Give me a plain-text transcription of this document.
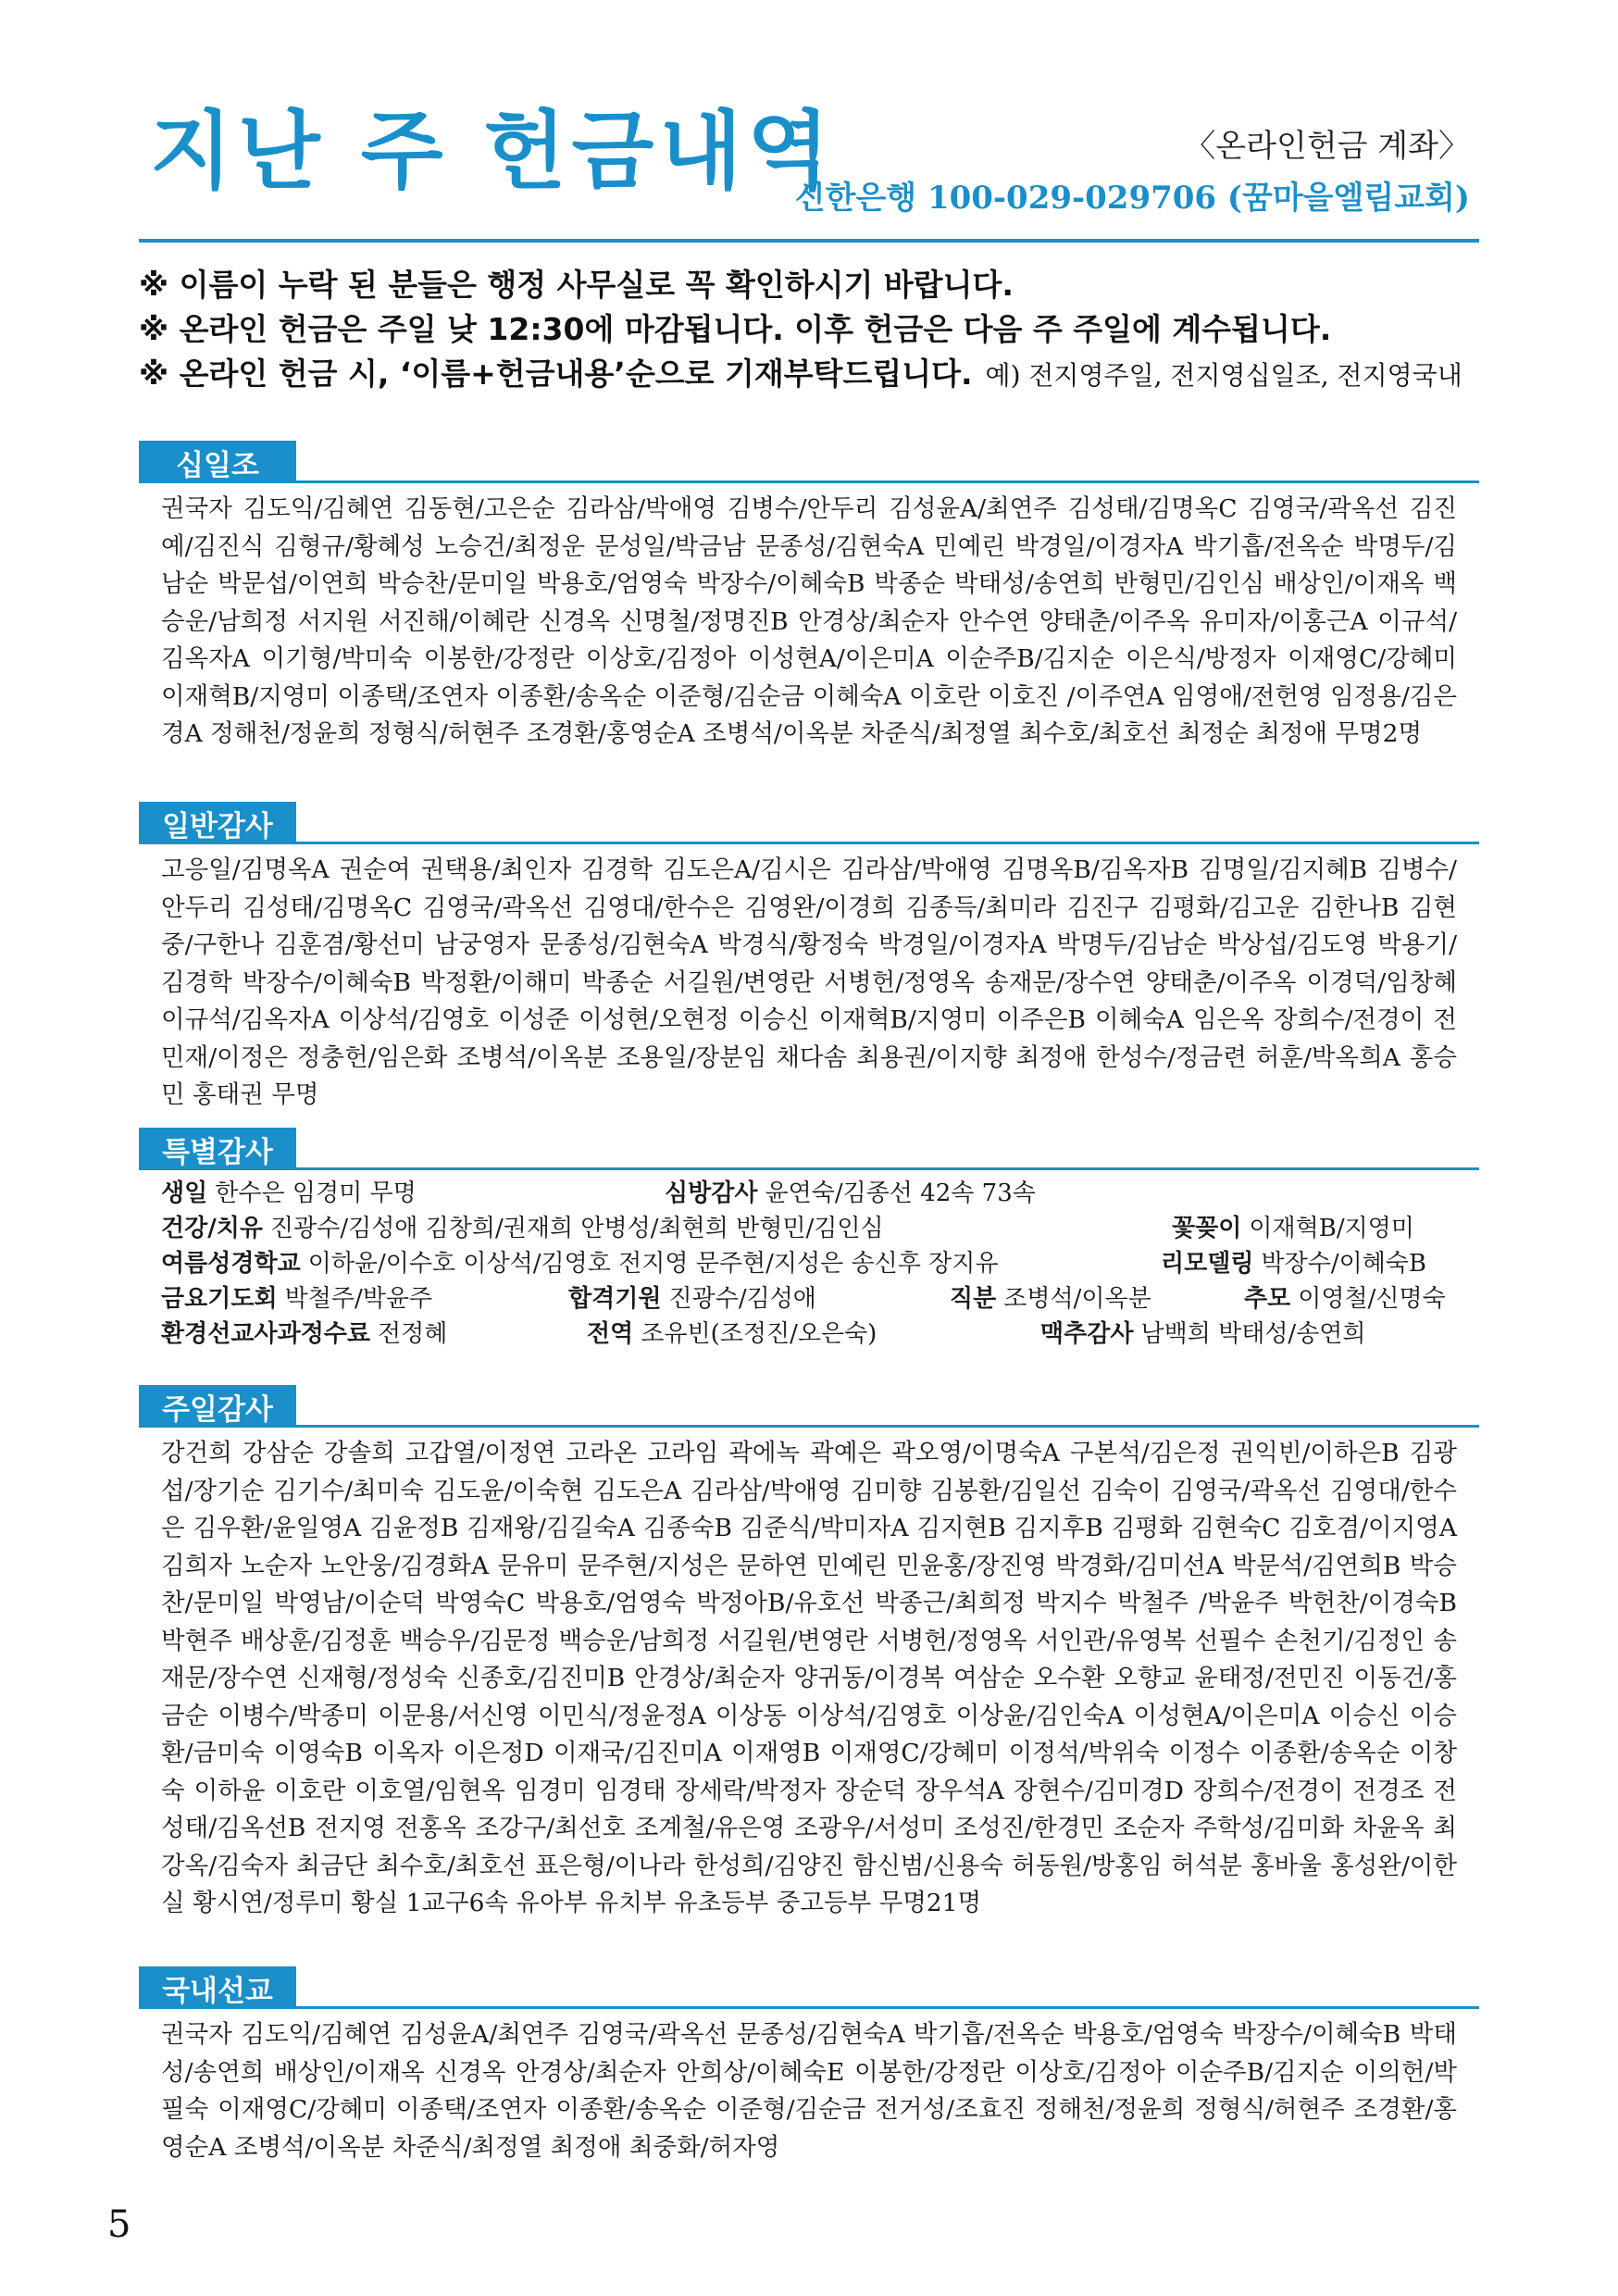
지난 주 헌금내역	〈온라인헌금 계좌〉
신한은행 100-029-029706 (꿈마을엘림교회)
※ 이름이 누락 된 분들은 행정 사무실로 꼭 확인하시기 바랍니다.
※ 온라인 헌금은 주일 낮 12:30에 마감됩니다. 이후 헌금은 다음 주 주일에 계수됩니다.
※ 온라인 헌금 시, ‘이름+헌금내용’순으로 기재부탁드립니다. 예) 전지영주일, 전지영십일조, 전지영국내
십일조
권국자 김도익/김혜연 김동현/고은순 김라삼/박애영 김병수/안두리 김성윤A/최연주 김성태/김명옥C 김영국/곽옥선 김진예/김진식 김형규/황혜성 노승건/최정운 문성일/박금남 문종성/김현숙A 민예린 박경일/이경자A 박기흡/전옥순 박명두/김남순 박문섭/이연희 박승찬/문미일 박용호/엄영숙 박장수/이혜숙B 박종순 박태성/송연희 반형민/김인심 배상인/이재옥 백승운/남희정 서지원 서진해/이혜란 신경옥 신명철/정명진B 안경상/최순자 안수연 양태춘/이주옥 유미자/이홍근A 이규석/김옥자A 이기형/박미숙 이봉한/강정란 이상호/김정아 이성현A/이은미A 이순주B/김지순 이은식/방정자 이재영C/강혜미 이재혁B/지영미 이종택/조연자 이종환/송옥순 이준형/김순금 이혜숙A 이호란 이호진 /이주연A 임영애/전헌영 임정용/김은경A 정해천/정윤희 정형식/허현주 조경환/홍영순A 조병석/이옥분 차준식/최정열 최수호/최호선 최정순 최정애 무명2명
일반감사
고응일/김명옥A 권순여 권택용/최인자 김경학 김도은A/김시은 김라삼/박애영 김명옥B/김옥자B 김명일/김지혜B 김병수/안두리 김성태/김명옥C 김영국/곽옥선 김영대/한수은 김영완/이경희 김종득/최미라 김진구 김평화/김고운 김한나B 김현중/구한나 김훈겸/황선미 남궁영자 문종성/김현숙A 박경식/황정숙 박경일/이경자A 박명두/김남순 박상섭/김도영 박용기/김경학 박장수/이혜숙B 박정환/이해미 박종순 서길원/변영란 서병헌/정영옥 송재문/장수연 양태춘/이주옥 이경덕/임창혜 이규석/김옥자A 이상석/김영호 이성준 이성현/오현정 이승신 이재혁B/지영미 이주은B 이혜숙A 임은옥 장희수/전경이 전민재/이정은 정충헌/임은화 조병석/이옥분 조용일/장분임 채다솜 최용권/이지향 최정애 한성수/정금련 허훈/박옥희A 홍승민 홍태권 무명
특별감사
생일 한수은 임경미 무명	심방감사 윤연숙/김종선 42속 73속
건강/치유 진광수/김성애 김창희/권재희 안병성/최현희 반형민/김인심	꽃꽂이 이재혁B/지영미
여름성경학교 이하윤/이수호 이상석/김영호 전지영 문주현/지성은 송신후 장지유	리모델링 박장수/이혜숙B
금요기도회 박철주/박윤주	합격기원 진광수/김성애	직분 조병석/이옥분	추모 이영철/신명숙
환경선교사과정수료 전정혜	전역 조유빈(조정진/오은숙)	맥추감사 남백희 박태성/송연희
주일감사
강건희 강삼순 강솔희 고갑열/이정연 고라온 고라임 곽에녹 곽예은 곽오영/이명숙A 구본석/김은정 권익빈/이하은B 김광섭/장기순 김기수/최미숙 김도윤/이숙현 김도은A 김라삼/박애영 김미향 김봉환/김일선 김숙이 김영국/곽옥선 김영대/한수은 김우환/윤일영A 김윤정B 김재왕/김길숙A 김종숙B 김준식/박미자A 김지현B 김지후B 김평화 김현숙C 김호겸/이지영A 김희자 노순자 노안웅/김경화A 문유미 문주현/지성은 문하연 민예린 민윤홍/장진영 박경화/김미선A 박문석/김연희B 박승찬/문미일 박영남/이순덕 박영숙C 박용호/엄영숙 박정아B/유호선 박종근/최희정 박지수 박철주 /박윤주 박헌찬/이경숙B 박현주 배상훈/김정훈 백승우/김문정 백승운/남희정 서길원/변영란 서병헌/정영옥 서인관/유영복 선필수 손천기/김정인 송재문/장수연 신재형/정성숙 신종호/김진미B 안경상/최순자 양귀동/이경복 여삼순 오수환 오향교 윤태정/전민진 이동건/홍금순 이병수/박종미 이문용/서신영 이민식/정윤정A 이상동 이상석/김영호 이상윤/김인숙A 이성현A/이은미A 이승신 이승환/금미숙 이영숙B 이옥자 이은정D 이재국/김진미A 이재영B 이재영C/강혜미 이정석/박위숙 이정수 이종환/송옥순 이창숙 이하윤 이호란 이호열/임현옥 임경미 임경태 장세락/박정자 장순덕 장우석A 장현수/김미경D 장희수/전경이 전경조 전성태/김옥선B 전지영 전홍옥 조강구/최선호 조계철/유은영 조광우/서성미 조성진/한경민 조순자 주학성/김미화 차윤옥 최강옥/김숙자 최금단 최수호/최호선 표은형/이나라 한성희/김양진 함신범/신용숙 허동원/방홍임 허석분 홍바울 홍성완/이한실 황시연/정루미 황실 1교구6속 유아부 유치부 유초등부 중고등부 무명21명
국내선교
권국자 김도익/김혜연 김성윤A/최연주 김영국/곽옥선 문종성/김현숙A 박기흡/전옥순 박용호/엄영숙 박장수/이혜숙B 박태성/송연희 배상인/이재옥 신경옥 안경상/최순자 안희상/이혜숙E 이봉한/강정란 이상호/김정아 이순주B/김지순 이의헌/박필숙 이재영C/강혜미 이종택/조연자 이종환/송옥순 이준형/김순금 전거성/조효진 정해천/정윤희 정형식/허현주 조경환/홍영순A 조병석/이옥분 차준식/최정열 최정애 최중화/허자영
5
